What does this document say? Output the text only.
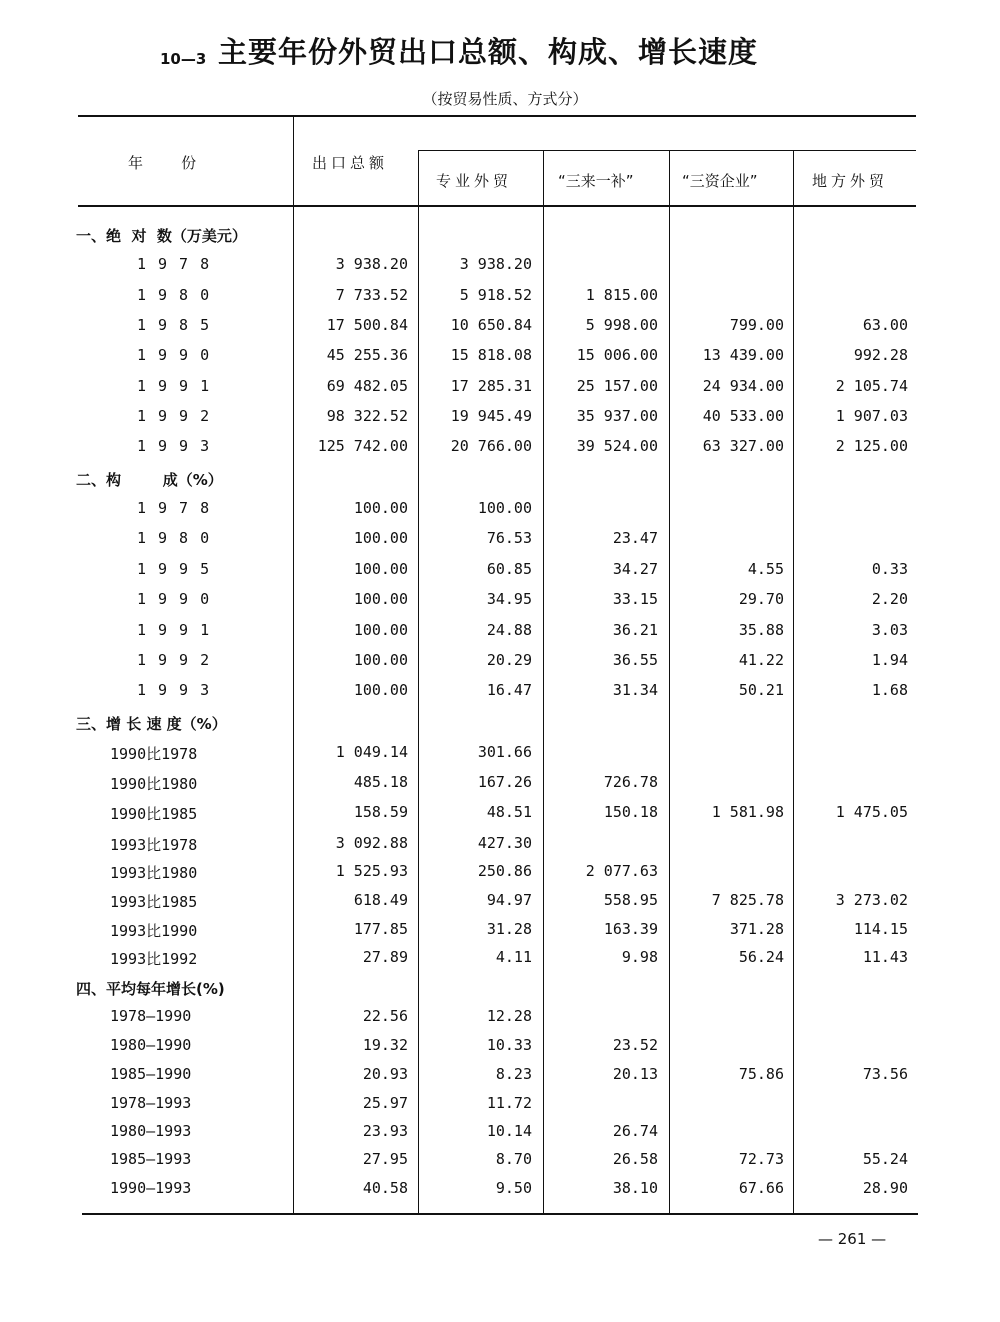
10—3 主要年份外贸出口总额、构成、增长速度
（按贸易性质、方式分）
年        份	出口总额
专业外贸	“三来一补”	“三资企业”	地方外贸
一、绝  对  数（万美元）
1978	3 938.20	3 938.20
1980	7 733.52	5 918.52	1 815.00
1985	17 500.84	10 650.84	5 998.00	799.00	63.00
1990	45 255.36	15 818.08	15 006.00	13 439.00	992.28
1991	69 482.05	17 285.31	25 157.00	24 934.00	2 105.74
1992	98 322.52	19 945.49	35 937.00	40 533.00	1 907.03
1993	125 742.00	20 766.00	39 524.00	63 327.00	2 125.00
二、构        成（%）
1978	100.00	100.00
1980	100.00	76.53	23.47
1995	100.00	60.85	34.27	4.55	0.33
1990	100.00	34.95	33.15	29.70	2.20
1991	100.00	24.88	36.21	35.88	3.03
1992	100.00	20.29	36.55	41.22	1.94
1993	100.00	16.47	31.34	50.21	1.68
三、增 长 速 度（%）
1990比1978	1 049.14	301.66
1990比1980	485.18	167.26	726.78
1990比1985	158.59	48.51	150.18	1 581.98	1 475.05
1993比1978	3 092.88	427.30
1993比1980	1 525.93	250.86	2 077.63
1993比1985	618.49	94.97	558.95	7 825.78	3 273.02
1993比1990	177.85	31.28	163.39	371.28	114.15
1993比1992	27.89	4.11	9.98	56.24	11.43
四、平均每年增长(%)
1978—1990	22.56	12.28
1980—1990	19.32	10.33	23.52
1985—1990	20.93	8.23	20.13	75.86	73.56
1978—1993	25.97	11.72
1980—1993	23.93	10.14	26.74
1985—1993	27.95	8.70	26.58	72.73	55.24
1990—1993	40.58	9.50	38.10	67.66	28.90
— 261 —
